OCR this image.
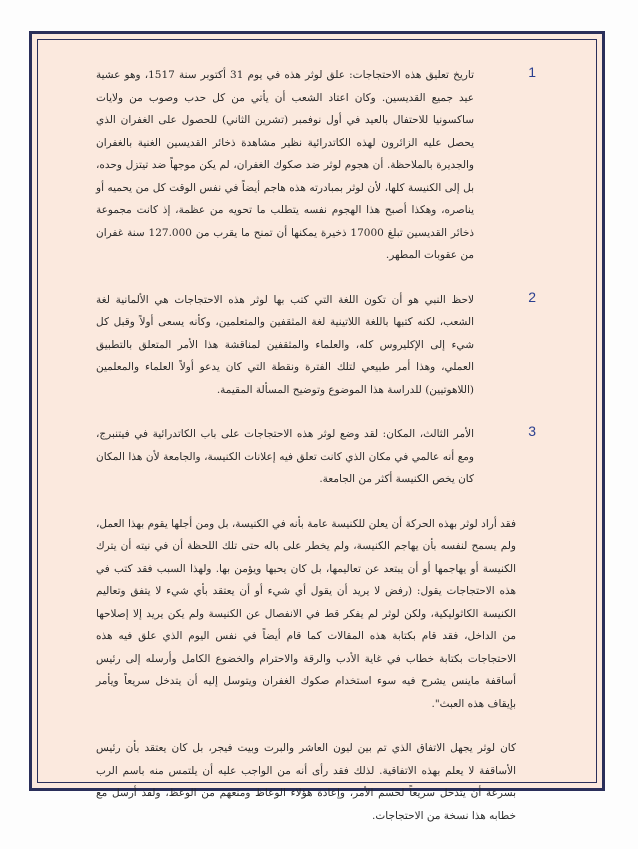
1

تاريخ تعليق هذه الاحتجاجات: علق لوثر هذه في يوم 31 أكتوبر سنة 1517، وهو عشية عيد جميع القديسين. وكان اعتاد الشعب أن يأتي من كل حدب وصوب من ولايات ساكسونيا للاحتفال بالعيد في أول نوفمبر (تشرين الثاني) للحصول على الغفران الذي يحصل عليه الزائرون لهذه الكاتدرائية نظير مشاهدة ذخائر القديسين الغنية بالغفران والجديرة بالملاحظة. أن هجوم لوثر ضد صكوك الغفران، لم يكن موجهاً ضد تيتزل وحده، بل إلى الكنيسة كلها، لأن لوثر بمبادرته هذه هاجم أيضاً في نفس الوقت كل من يحميه أو يناصره، وهكذا أصبح هذا الهجوم نفسه يتطلب ما تحويه من عظمة، إذ كانت مجموعة ذخائر القديسين تبلغ 17000 ذخيرة يمكنها أن تمنح ما يقرب من 127.000 سنة غفران من عقوبات المطهر.

2

لاحظ النبي هو أن تكون اللغة التي كتب بها لوثر هذه الاحتجاجات هي الألمانية لغة الشعب، لكنه كتبها باللغة اللاتينية لغة المثقفين والمتعلمين، وكأنه يسعى أولاً وقبل كل شيء إلى الإكليروس كله، والعلماء والمثقفين لمناقشة هذا الأمر المتعلق بالتطبيق العملي، وهذا أمر طبيعي لتلك الفترة ونقطة التي كان يدعو أولاً العلماء والمعلمين (اللاهوتيين) للدراسة هذا الموضوع وتوضيح المسألة المقيمة.

3

الأمر الثالث، المكان: لقد وضع لوثر هذه الاحتجاجات على باب الكاتدرائية في فيتنبرج، ومع أنه عالمي في مكان الذي كانت تعلق فيه إعلانات الكنيسة، والجامعة لأن هذا المكان كان يخص الكنيسة أكثر من الجامعة.

فقد أراد لوثر بهذه الحركة أن يعلن للكنيسة عامة بأنه في الكنيسة، بل ومن أجلها يقوم بهذا العمل، ولم يسمح لنفسه بأن يهاجم الكنيسة، ولم يخطر على باله حتى تلك اللحظة أن في نيته أن يترك الكنيسة أو يهاجمها أو أن يبتعد عن تعاليمها، بل كان يحبها ويؤمن بها. ولهذا السبب فقد كتب في هذه الاحتجاجات يقول: (رفض لا يريد أن يقول أي شيء أو أن يعتقد بأي شيء لا يتفق وتعاليم الكنيسة الكاثوليكية، ولكن لوثر لم يفكر قط في الانفصال عن الكنيسة ولم يكن يريد إلا إصلاحها من الداخل، فقد قام بكتابة هذه المقالات كما قام أيضاً في نفس اليوم الذي علق فيه هذه الاحتجاجات بكتابة خطاب في غاية الأدب والرقة والاحترام والخضوع الكامل وأرسله إلى رئيس أساقفة ماينس يشرح فيه سوء استخدام صكوك الغفران ويتوسل إليه أن يتدخل سريعاً ويأمر بإيقاف هذه العبث".

كان لوثر يجهل الاتفاق الذي تم بين ليون العاشر والبرت وبيت فيجر، بل كان يعتقد بأن رئيس الأساقفة لا يعلم بهذه الاتفاقية. لذلك فقد رأى أنه من الواجب عليه أن يلتمس منه باسم الرب بسرعة أن يتدخل سريعاً لحسم الأمر، وإعادة هؤلاء الوعاظ ومنعهم من الوعظ، ولقد أرسل مع خطابه هذا نسخة من الاحتجاجات.
